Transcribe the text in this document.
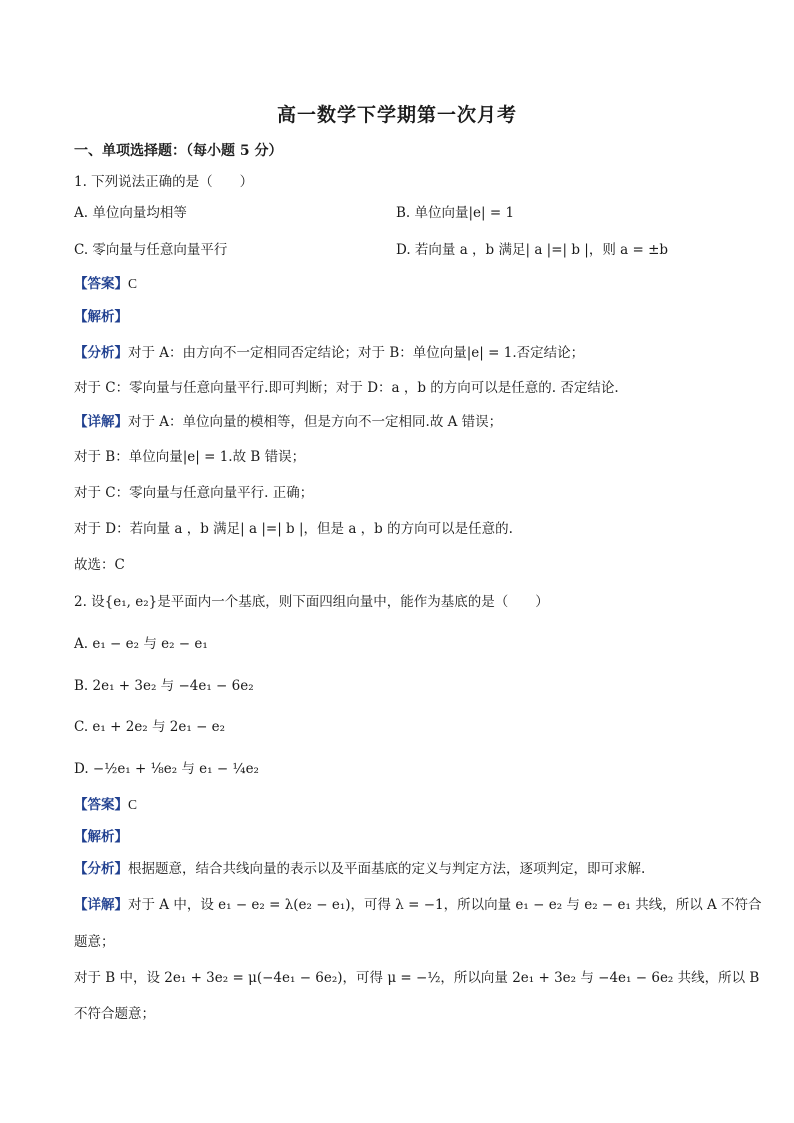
高一数学下学期第一次月考
一、单项选择题：（每小题 5 分）
1. 下列说法正确的是（　　）
A. 单位向量均相等	B. 单位向量|e| = 1
C. 零向量与任意向量平行	D. 若向量 a ，b 满足| a |=| b |，则 a = ±b
【答案】C
【解析】
【分析】对于 A：由方向不一定相同否定结论；对于 B：单位向量|e| = 1.否定结论；
对于 C：零向量与任意向量平行.即可判断；对于 D：a ，b 的方向可以是任意的. 否定结论.
【详解】对于 A：单位向量的模相等，但是方向不一定相同.故 A 错误；
对于 B：单位向量|e| = 1.故 B 错误；
对于 C：零向量与任意向量平行. 正确；
对于 D：若向量 a ，b 满足| a |=| b |，但是 a ，b 的方向可以是任意的.
故选：C
2. 设{e₁, e₂}是平面内一个基底，则下面四组向量中，能作为基底的是（　　）
A. e₁ − e₂ 与 e₂ − e₁
B. 2e₁ + 3e₂ 与 −4e₁ − 6e₂
C. e₁ + 2e₂ 与 2e₁ − e₂
D. −½e₁ + ⅛e₂ 与 e₁ − ¼e₂
【答案】C
【解析】
【分析】根据题意，结合共线向量的表示以及平面基底的定义与判定方法，逐项判定，即可求解.
【详解】对于 A 中，设 e₁ − e₂ = λ(e₂ − e₁)，可得 λ = −1，所以向量 e₁ − e₂ 与 e₂ − e₁ 共线，所以 A 不符合
题意；
对于 B 中，设 2e₁ + 3e₂ = μ(−4e₁ − 6e₂)，可得 μ = −½，所以向量 2e₁ + 3e₂ 与 −4e₁ − 6e₂ 共线，所以 B
不符合题意；
